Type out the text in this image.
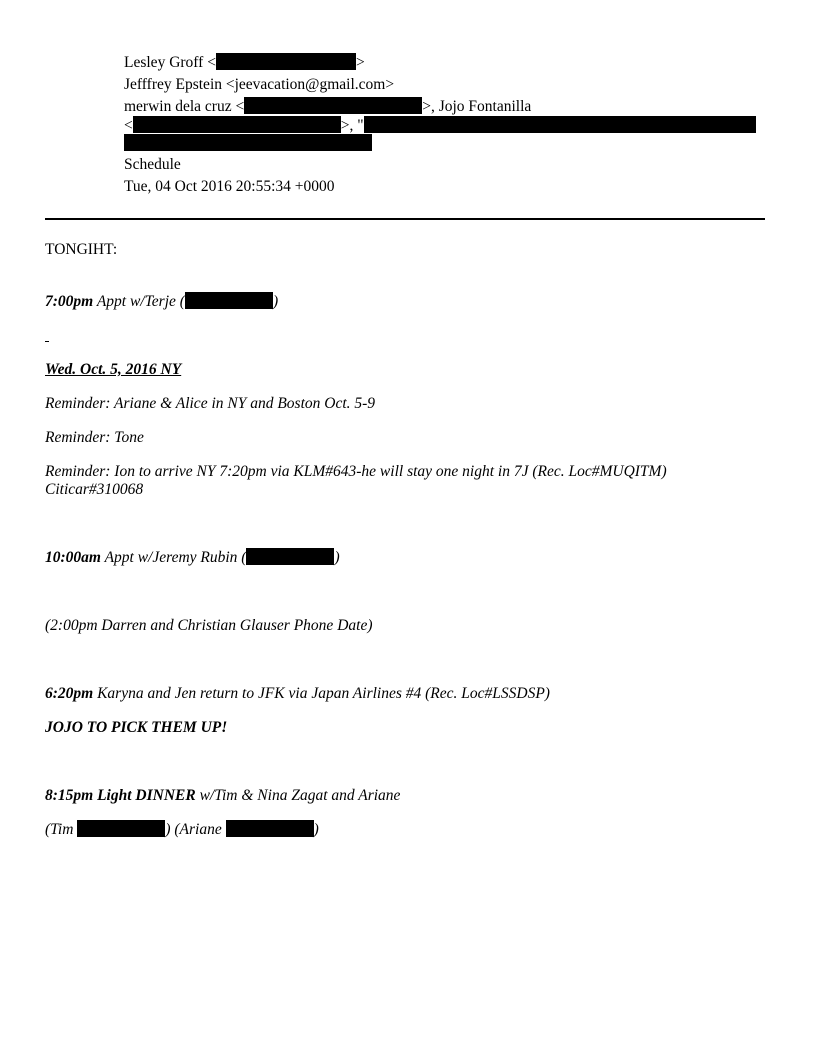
Lesley Groff <	>
Jefffrey Epstein <jeevacation@gmail.com>
merwin dela cruz <	>, Jojo Fontanilla
<	>, "
Schedule
Tue, 04 Oct 2016 20:55:34 +0000
TONGIHT:
7:00pm Appt w/Terje (	)
Wed. Oct. 5, 2016 NY
Reminder: Ariane & Alice in NY and Boston Oct. 5-9
Reminder: Tone
Reminder: Ion to arrive NY 7:20pm via KLM#643-he will stay one night in 7J (Rec. Loc#MUQITM)
Citicar#310068
10:00am Appt w/Jeremy Rubin (	)
(2:00pm Darren and Christian Glauser Phone Date)
6:20pm Karyna and Jen return to JFK via Japan Airlines #4 (Rec. Loc#LSSDSP)
JOJO TO PICK THEM UP!
8:15pm Light DINNER w/Tim & Nina Zagat and Ariane
(Tim	) (Ariane	)
